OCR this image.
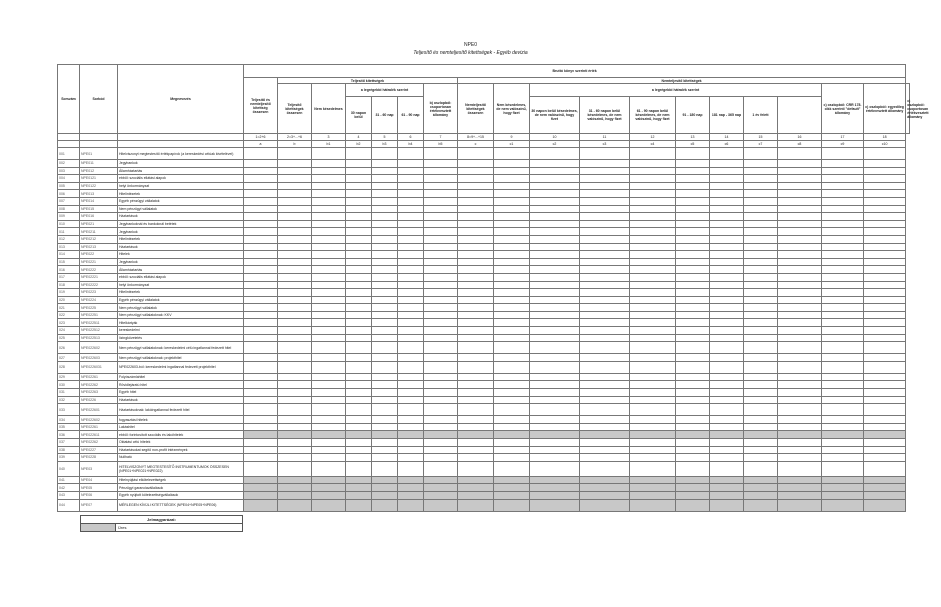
NPE0
Teljesítő és nemteljesítő kitettségek - Egyéb devizia
Sorszám	Sorkód	Megnevezés	Bruttó könyv szerinti érték																		
			Teljesítő és nemteljesítő kitettség összesen	Teljesítő kitettségek						Nemteljesítő kitettségek											
				Teljesítő kitettségek összesen	Nem késedelmes	a legrégebbi hátralék szerint			b) oszlopból: csoportosan értékvesztett állomány	Nemteljesítő kitettségek összesen	Nem késedelmes, de nem valószínű, hogy fizet	a legrégebbi hátralék szerint							c) oszlopból: CRR 178. cikk szerinti "default" állomány	c) oszlopból: egyedileg értékvesztett állomány	c) oszlopból: csoportosan értékvesztett állomány
						30 napon belül	31 - 60 nap	61 - 90 nap				30 napon belül késedelmes, de nem valószínű, hogy fizet	31 - 60 napon belül késedelmes, de nem valószínű, hogy fizet	61 - 90 napon belül késedelmes, de nem valószínű, hogy fizet	91 - 180 nap	181 nap - 365 nap	1 év felett				
			1=2+6	2=3+...+6	3	4	5	6	7	8=9+...+15	9	10	11	12	13	14	15	16	17	18	
			a	b	b1	b2	b3	b4	b5	c	c1	c2	c3	c4	c5	c6	c7	c8	c9	c10	
001	NPE01	Hitelviszonyt megtestesítő értékpapírok (a kereskedési célúak kivételével)																			
002	NPE011	Jegybankok																			
003	NPE012	Államháztartás																			
004	NPE0121	ebből: szociális ellátási alapok																			
005	NPE0122	helyi önkormányzat																			
006	NPE013	Hitelintézetek																			
007	NPE014	Egyéb pénzügyi vállalatok																			
008	NPE015	Nem pénzügyi vállalatok																			
009	NPE016	Háztartások																			
010	NPE021	Jegybankoknál és bankoknál betétek																			
011	NPE0211	Jegybankok																			
012	NPE0212	Hitelintézetek																			
013	NPE0213	Háztartások																			
014	NPE022	Hitelek																			
015	NPE0221	Jegybankok																			
016	NPE0222	Államháztartás																			
017	NPE02221	ebből: szociális ellátási alapok																			
018	NPE02222	helyi önkormányzat																			
019	NPE0223	Hitelintézetek																			
020	NPE0224	Egyéb pénzügyi vállalatok																			
021	NPE0225	Nem pénzügyi vállalatok																			
022	NPE02251	Nem pénzügyi vállalatoknak: KKV																			
023	NPE022511	Hitelkártyák																			
024	NPE022512	kereskedelmi																			
025	NPE022513	lízingkövetelés																			
026	NPE022602	Nem pénzügyi vállalatoknak: kereskedelmi célú ingatlannal fedezett hitel																			
027	NPE022603	Nem pénzügyi vállalatoknak: projekthitel																			
028	NPE0226031	NPE022603-ból: kereskedelmi ingatlannal fedezett projekthitel																			
029	NPE02261	Folyószámlahitel																			
030	NPE02262	Rövidlejáratú hitel																			
031	NPE02263	Egyéb hitel																			
032	NPE0226	Háztartások																			
033	NPE022601	Háztartásoknak: lakóingatlannal fedezett hitel																			
034	NPE022602	fogyasztási hitelek																			
035	NPE02261	Lakáshitel																			
036	NPE022611	ebből: forintosított szociális és lakóhitelek																			
037	NPE02262	Oktatási célú hitelek																			
038	NPE0227	Háztartásokat segítő non-profit intézmények																			
039	NPE0228	Nullható																			
040	NPE03	HITELVISZONYT MEGTESTESÍTŐ INSTRUMENTUMOK ÖSSZESEN (NPE01+NPE021+NPE022)																			
041	NPE04	Hitelnyújtási elkötelezettségek																			
042	NPE05	Pénzügyi garanciavállalások																			
043	NPE06	Egyéb nyújtott kötelezettségvállalások																			
044	NPE07	MÉRLEGEN KÍVÜLI KITETTSÉGEK (NPE04+NPE05+NPE06)																			
Jelmagyarázat:
	Üres
